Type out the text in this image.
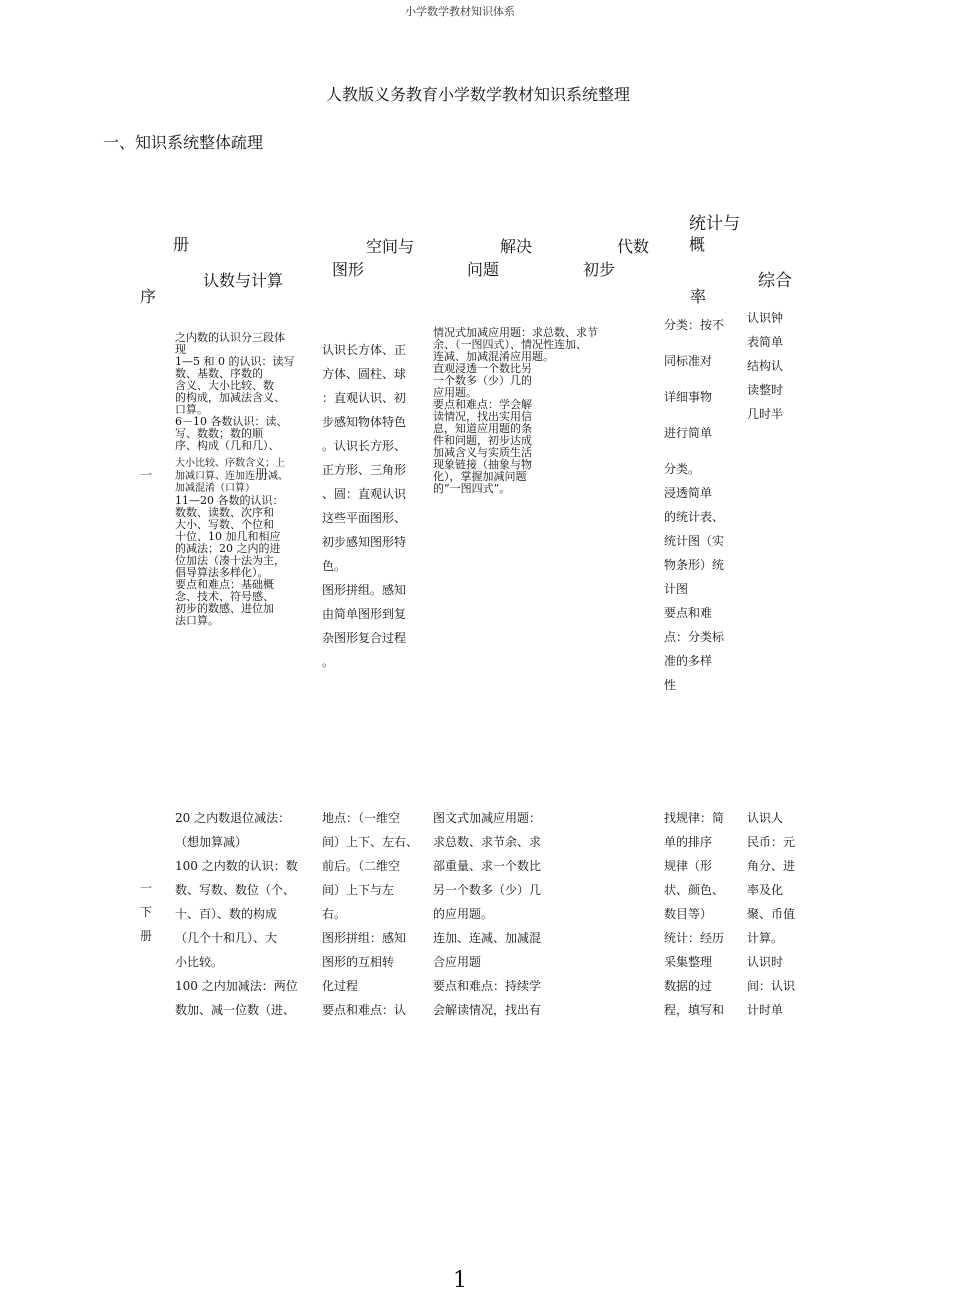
小学数学教材知识体系
人教版义务教育小学数学教材知识系统整理
一、知识系统整体疏理
册
序
认数与计算
空间与
图形
解决
问题
代数
初步
统计与
概
率
综合
一
之内数的认识分三段体
现
1—5 和 0 的认识：读写
数、基数、序数的
含义、大小比较、数
的构成，加减法含义、
口算。
6－10 各数认识：读、
写、数数；数的顺
序、构成（几和几）、
大小比较、序数含义；上
加减口算、连加连册减、
加减混淆（口算）
11—20 各数的认识：
数数、读数、次序和
大小、写数、个位和
十位、10 加几和相应
的减法；20 之内的进
位加法（凑十法为主，
倡导算法多样化）。
要点和难点：基础概
念、技术、符号感、
初步的数感、进位加
法口算。
认识长方体、正
方体、圆柱、球
：直观认识、初
步感知物体特色
。认识长方形、
正方形、三角形
、圆：直观认识
这些平面图形、
初步感知图形特
色。
图形拼组。感知
由简单图形到复
杂图形复合过程
。
情况式加减应用题：求总数、求节
余、（一图四式）、情况性连加、
连减、加减混淆应用题。
直观浸透一个数比另
一个数多（少）几的
应用题。
要点和难点：学会解
读情况，找出实用信
息，知道应用题的条
件和问题，初步达成
加减含义与实质生活
现象链接（抽象与物
化），掌握加减问题
的“一图四式”。
分类：按不
同标准对
详细事物
进行简单
分类。
浸透简单
的统计表、
统计图（实
物条形）统
计图
要点和难
点：分类标
准的多样
性
认识钟
表简单
结构认
读整时
几时半
一
下
册
20 之内数退位减法：
（想加算减）
100 之内数的认识：数
数、写数、数位（个、
十、百）、数的构成
（几个十和几）、大
小比较。
100 之内加减法：两位
数加、减一位数（进、
地点：（一维空
间）上下、左右、
前后。（二维空
间）上下与左
右。
图形拼组：感知
图形的互相转
化过程
要点和难点：认
图文式加减应用题：
求总数、求节余、求
部重量、求一个数比
另一个数多（少）几
的应用题。
连加、连减、加减混
合应用题
要点和难点：持续学
会解读情况，找出有
找规律：简
单的排序
规律（形
状、颜色、
数目等）
统计：经历
采集整理
数据的过
程，填写和
认识人
民币：元
角分、进
率及化
聚、币值
计算。
认识时
间：认识
计时单
1
